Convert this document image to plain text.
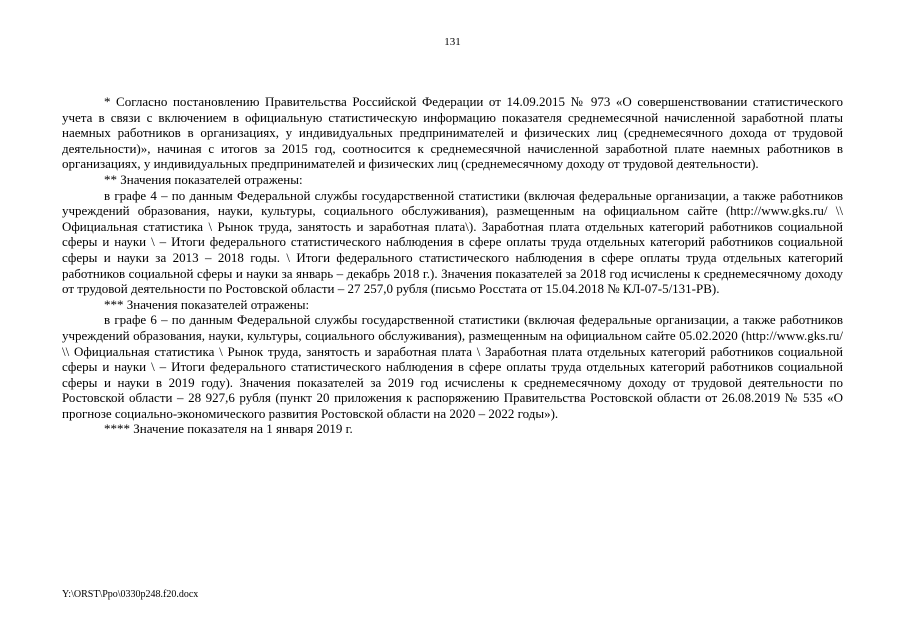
131

* Согласно постановлению Правительства Российской Федерации от 14.09.2015 № 973 «О совершенствовании статистического учета в связи с включением в официальную статистическую информацию показателя среднемесячной начисленной заработной платы наемных работников в организациях, у индивидуальных предпринимателей и физических лиц (среднемесячного дохода от трудовой деятельности)», начиная с итогов за 2015 год, соотносится к среднемесячной начисленной заработной плате наемных работников в организациях, у индивидуальных предпринимателей и физических лиц (среднемесячному доходу от трудовой деятельности).

** Значения показателей отражены:

в графе 4 – по данным Федеральной службы государственной статистики (включая федеральные организации, а также работников учреждений образования, науки, культуры, социального обслуживания), размещенным на официальном сайте (http://www.gks.ru/ \\ Официальная статистика \ Рынок труда, занятость и заработная плата\). Заработная плата отдельных категорий работников социальной сферы и науки \ – Итоги федерального статистического наблюдения в сфере оплаты труда отдельных категорий работников социальной сферы и науки за 2013 – 2018 годы. \ Итоги федерального статистического наблюдения в сфере оплаты труда отдельных категорий работников социальной сферы и науки за январь – декабрь 2018 г.). Значения показателей за 2018 год исчислены к среднемесячному доходу от трудовой деятельности по Ростовской области – 27 257,0 рубля (письмо Росстата от 15.04.2018 № КЛ-07-5/131-РВ).

*** Значения показателей отражены:

в графе 6 – по данным Федеральной службы государственной статистики (включая федеральные организации, а также работников учреждений образования, науки, культуры, социального обслуживания), размещенным на официальном сайте 05.02.2020 (http://www.gks.ru/ \\ Официальная статистика \ Рынок труда, занятость и заработная плата \ Заработная плата отдельных категорий работников социальной сферы и науки \ – Итоги федерального статистического наблюдения в сфере оплаты труда отдельных категорий работников социальной сферы и науки в 2019 году). Значения показателей за 2019 год исчислены к среднемесячному доходу от трудовой деятельности по Ростовской области – 28 927,6 рубля (пункт 20 приложения к распоряжению Правительства Ростовской области от 26.08.2019 № 535 «О прогнозе социально-экономического развития Ростовской области на 2020 – 2022 годы»).

**** Значение показателя на 1 января 2019 г.

Y:\ORST\Ppo\0330p248.f20.docx
